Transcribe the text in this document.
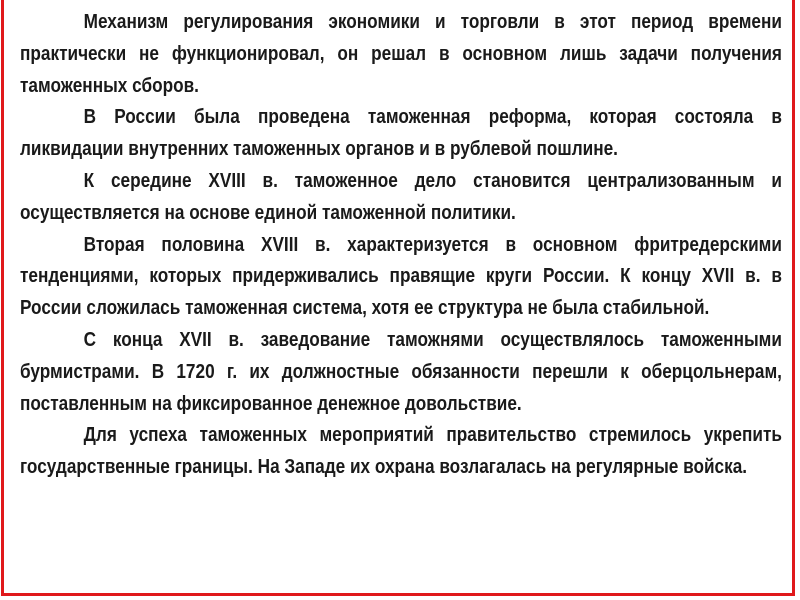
Механизм регулирования экономики и торговли в этот период времени практически не функционировал, он решал в основном лишь задачи получения таможенных сборов.

В России была проведена таможенная реформа, которая состояла в ликвидации внутренних таможенных органов и в рублевой пошлине.

К середине XVIII в. таможенное дело становится централизованным и осуществляется на основе единой таможенной политики.

Вторая половина XVIII в. характеризуется в основном фритредерскими тенденциями, которых придерживались правящие круги России. К концу XVII в. в России сложилась таможенная система, хотя ее структура не была стабильной.

С конца XVII в. заведование таможнями осуществлялось таможенными бурмистрами. В 1720 г. их должностные обязанности перешли к оберцольнерам, поставленным на фиксированное денежное довольствие.

Для успеха таможенных мероприятий правительство стремилось укрепить государственные границы. На Западе их охрана возлагалась на регулярные войска.
